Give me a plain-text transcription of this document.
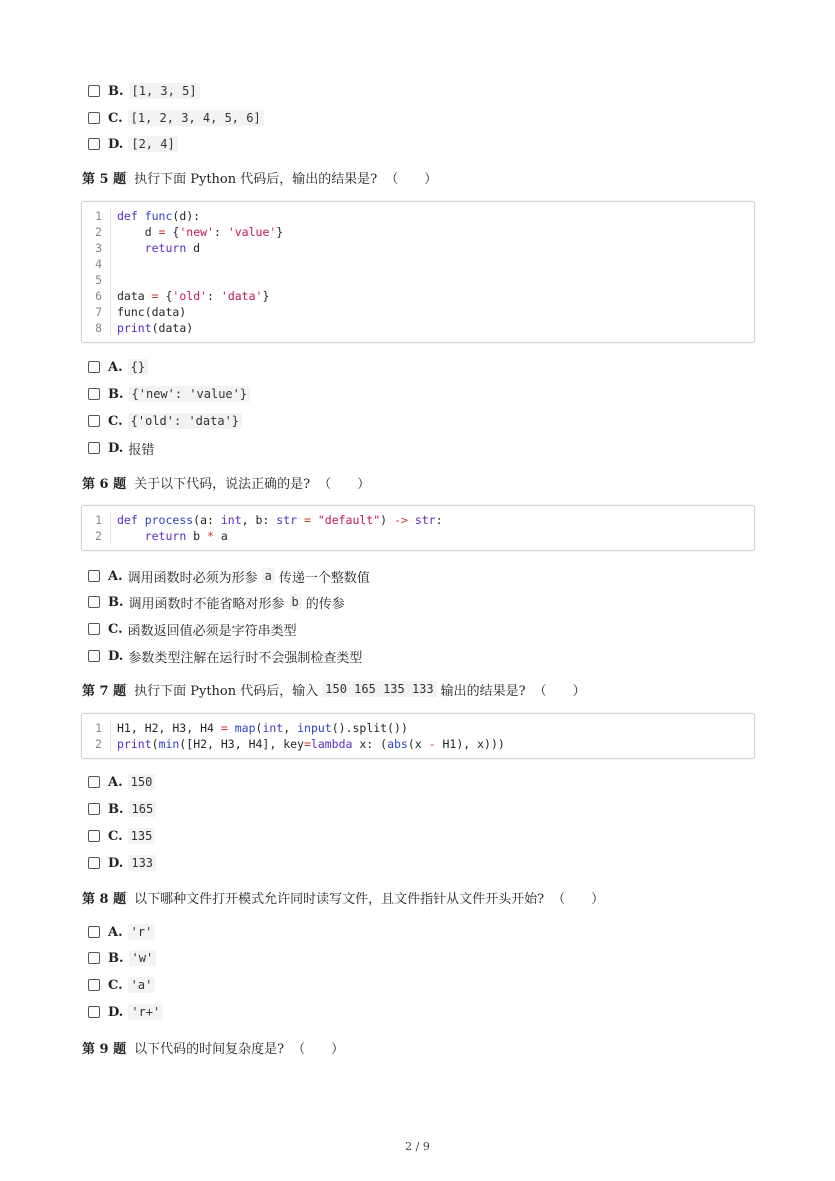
B. [1, 3, 5]
C. [1, 2, 3, 4, 5, 6]
D. [2, 4]
第 5 题 执行下面 Python 代码后，输出的结果是? （　　）
1	def func(d):
2	d = {'new': 'value'}
3	return d
4
5
6	data = {'old': 'data'}
7	func(data)
8	print(data)
A. {}
B. {'new': 'value'}
C. {'old': 'data'}
D. 报错
第 6 题 关于以下代码，说法正确的是? （　　）
1	def process(a: int, b: str = "default") -> str:
2	return b * a
A. 调用函数时必须为形参 a 传递一个整数值
B. 调用函数时不能省略对形参 b 的传参
C. 函数返回值必须是字符串类型
D. 参数类型注解在运行时不会强制检查类型
第 7 题 执行下面 Python 代码后，输入 150 165 135 133 输出的结果是? （　　）
1	H1, H2, H3, H4 = map(int, input().split())
2	print(min([H2, H3, H4], key=lambda x: (abs(x - H1), x)))
A. 150
B. 165
C. 135
D. 133
第 8 题 以下哪种文件打开模式允许同时读写文件，且文件指针从文件开头开始? （　　）
A. 'r'
B. 'w'
C. 'a'
D. 'r+'
第 9 题 以下代码的时间复杂度是? （　　）
2 / 9
